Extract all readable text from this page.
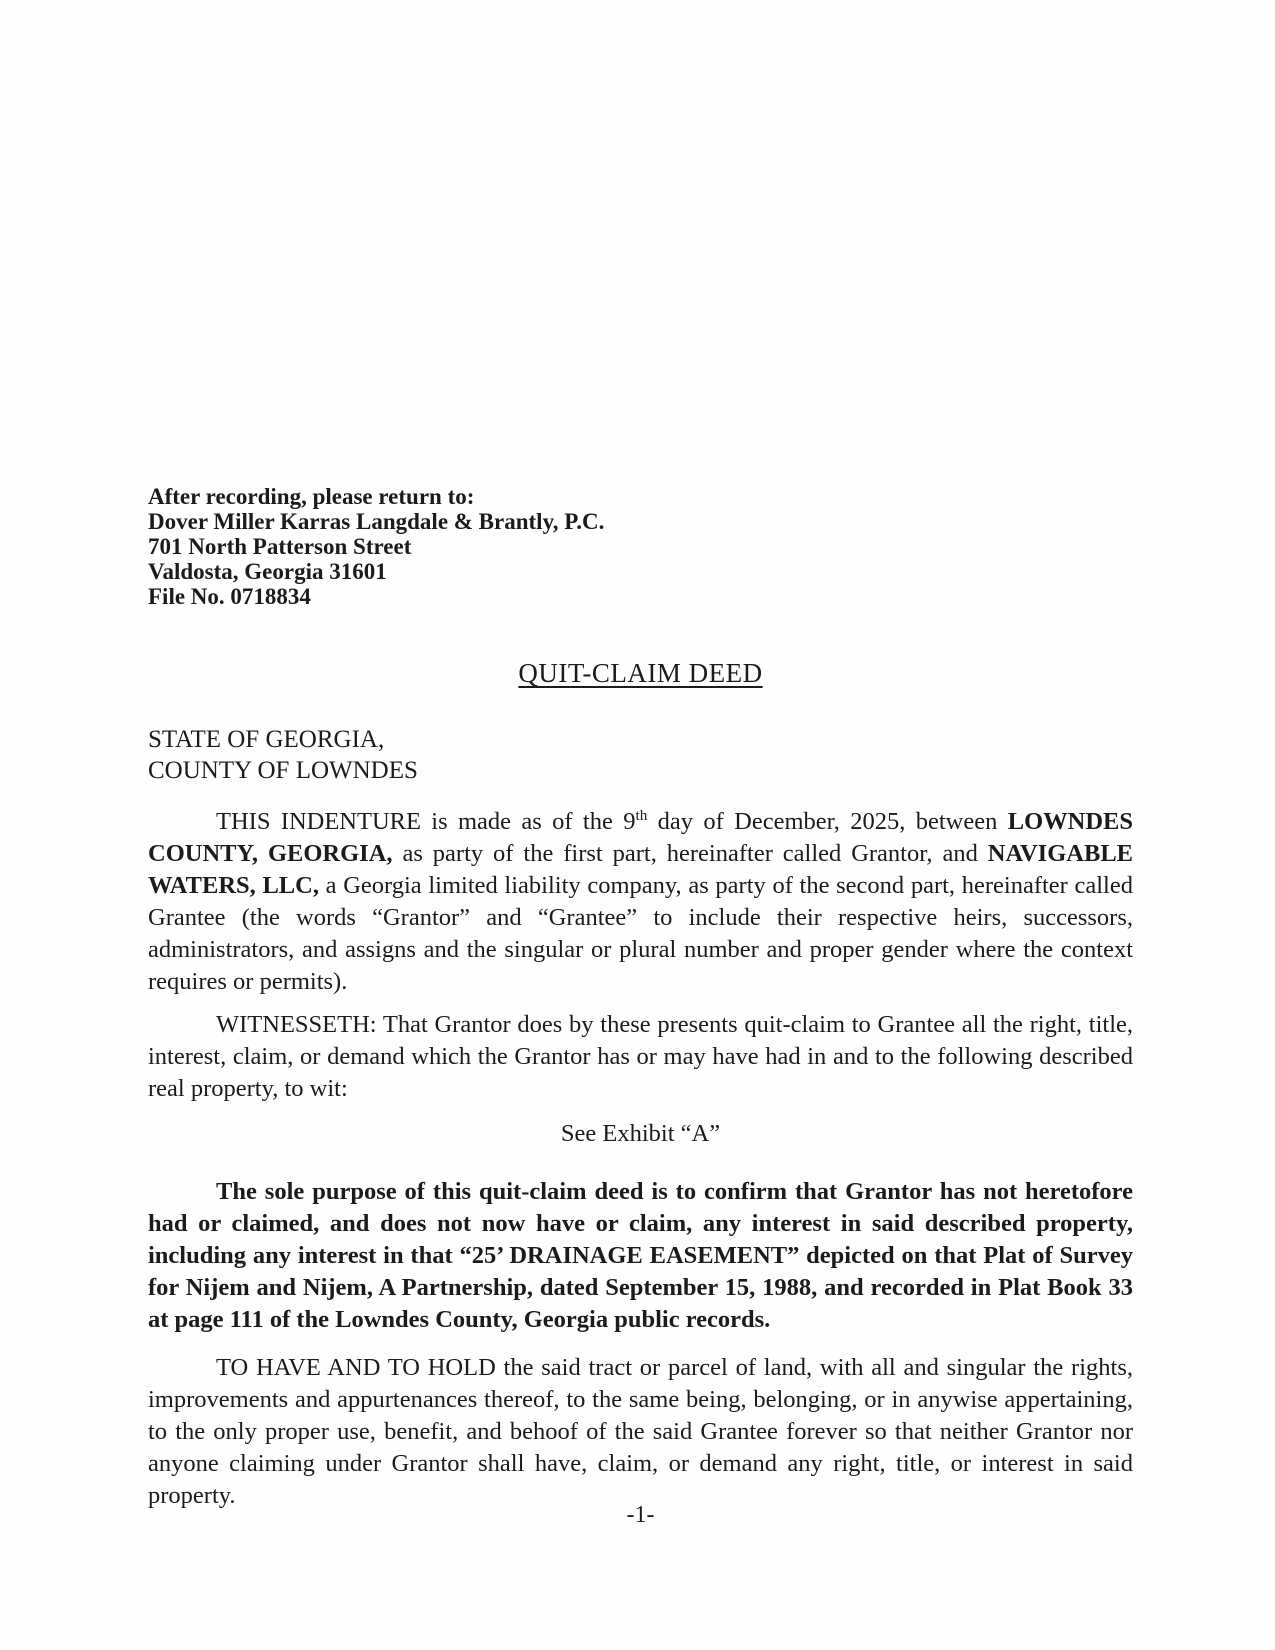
After recording, please return to:
Dover Miller Karras Langdale & Brantly, P.C.
701 North Patterson Street
Valdosta, Georgia 31601
File No. 0718834
QUIT-CLAIM DEED
STATE OF GEORGIA,
COUNTY OF LOWNDES

THIS INDENTURE is made as of the 9th day of December, 2025, between LOWNDES COUNTY, GEORGIA, as party of the first part, hereinafter called Grantor, and NAVIGABLE WATERS, LLC, a Georgia limited liability company, as party of the second part, hereinafter called Grantee (the words “Grantor” and “Grantee” to include their respective heirs, successors, administrators, and assigns and the singular or plural number and proper gender where the context requires or permits).

WITNESSETH: That Grantor does by these presents quit-claim to Grantee all the right, title, interest, claim, or demand which the Grantor has or may have had in and to the following described real property, to wit:

See Exhibit “A”

The sole purpose of this quit-claim deed is to confirm that Grantor has not heretofore had or claimed, and does not now have or claim, any interest in said described property, including any interest in that “25’ DRAINAGE EASEMENT” depicted on that Plat of Survey for Nijem and Nijem, A Partnership, dated September 15, 1988, and recorded in Plat Book 33 at page 111 of the Lowndes County, Georgia public records.

TO HAVE AND TO HOLD the said tract or parcel of land, with all and singular the rights, improvements and appurtenances thereof, to the same being, belonging, or in anywise appertaining, to the only proper use, benefit, and behoof of the said Grantee forever so that neither Grantor nor anyone claiming under Grantor shall have, claim, or demand any right, title, or interest in said property.

-1-
